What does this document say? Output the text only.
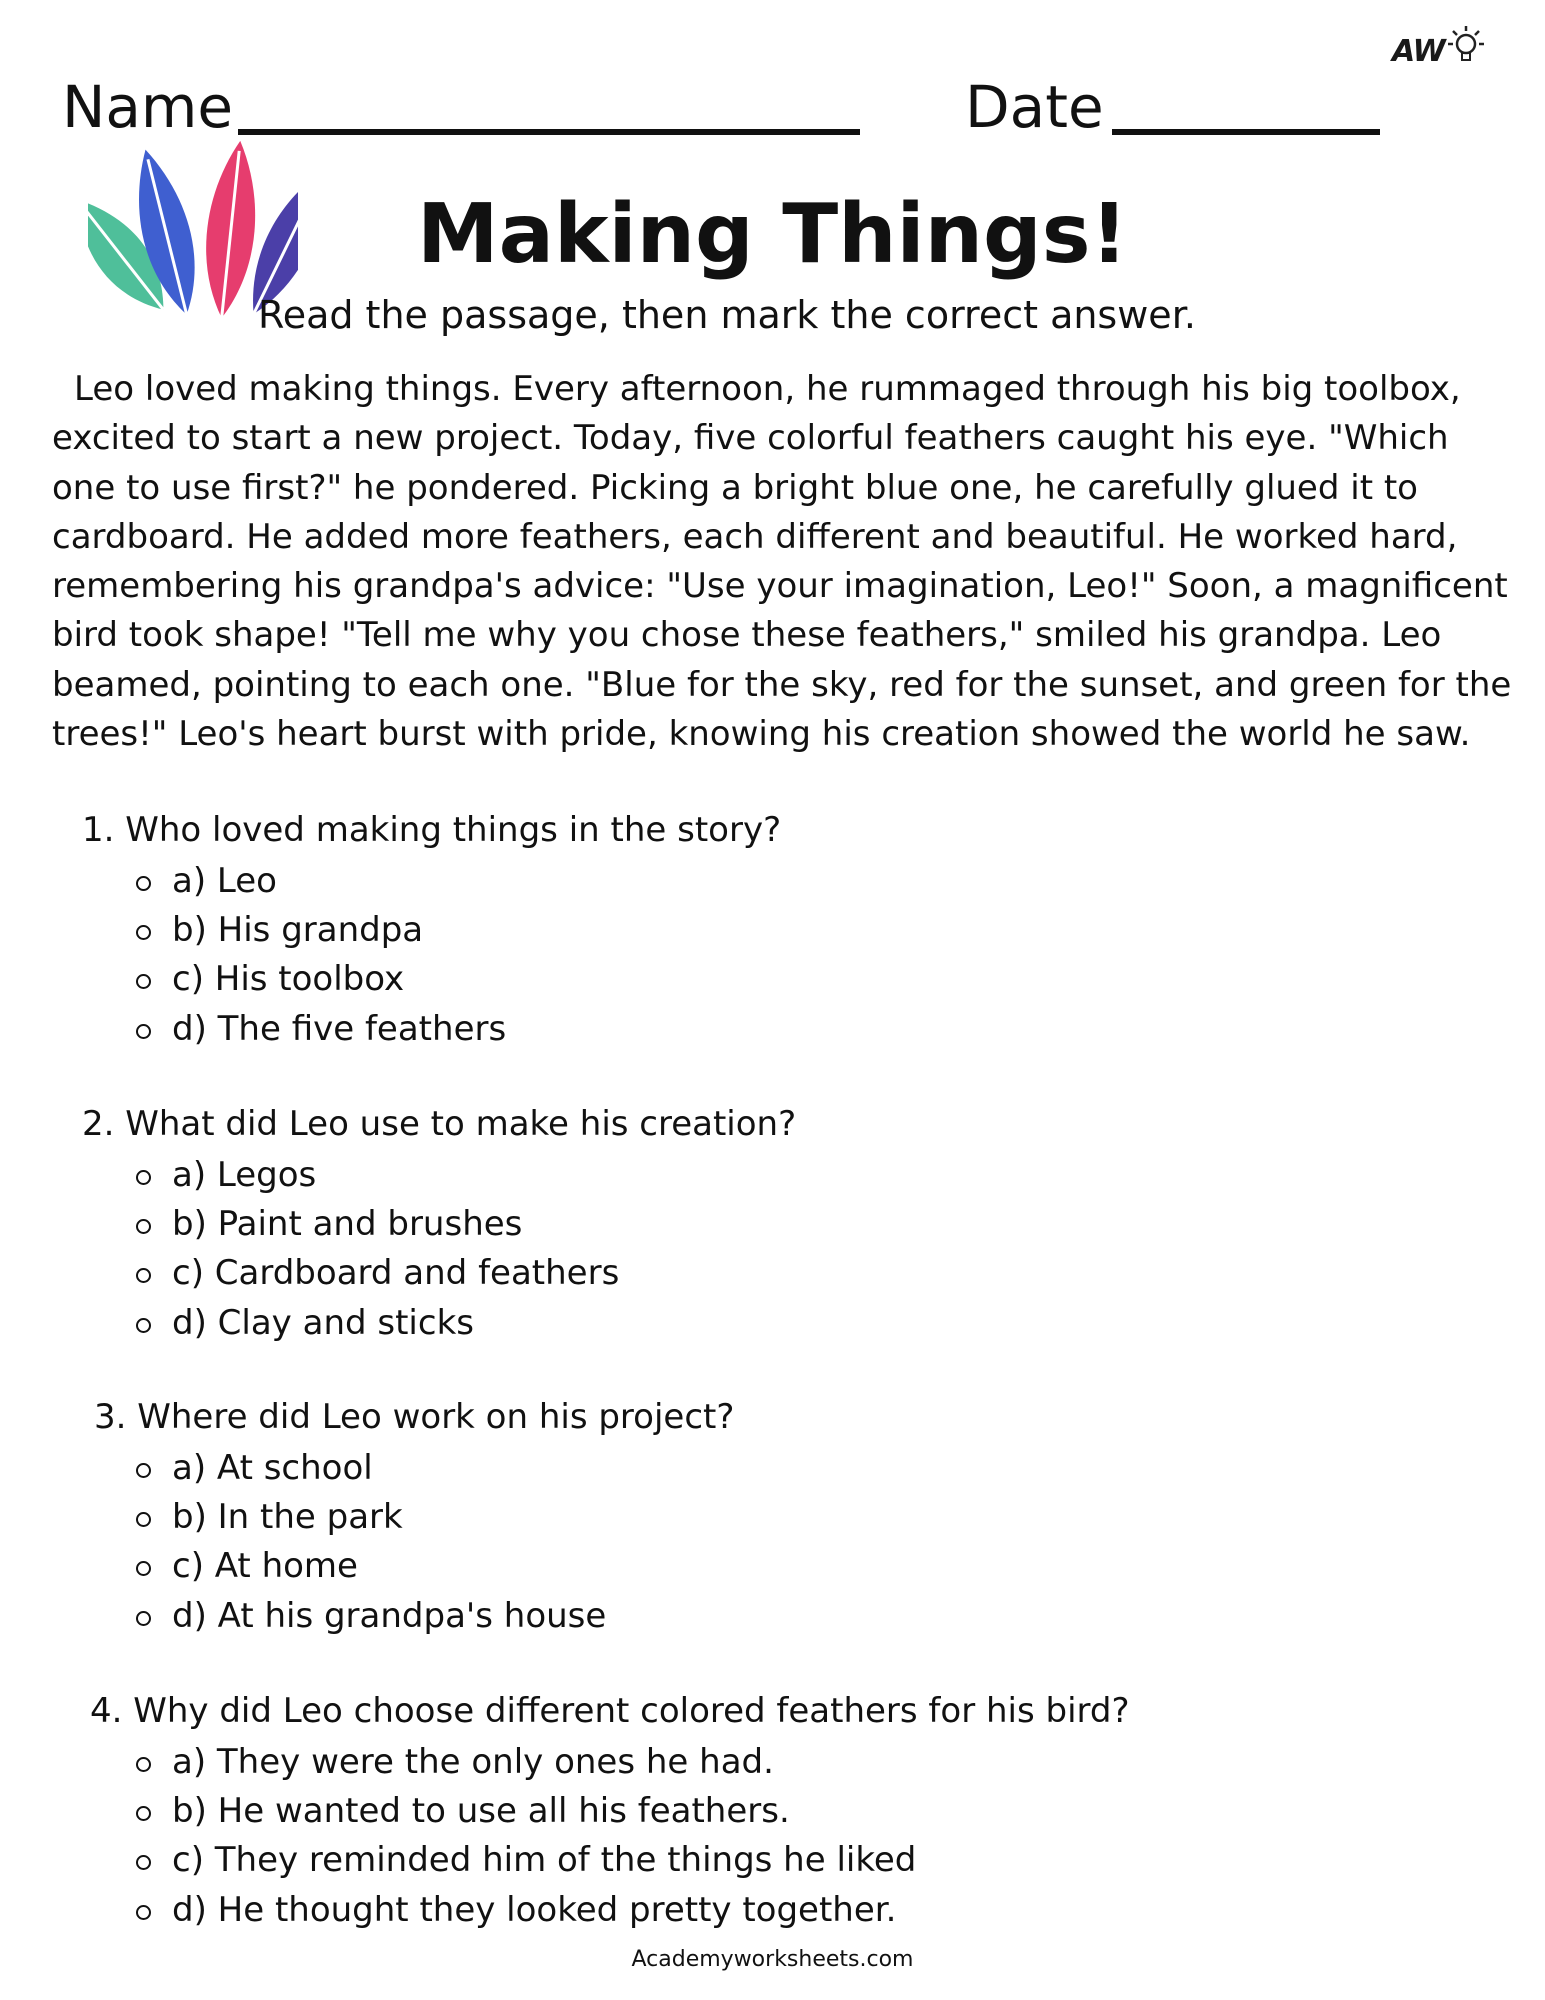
AW
Name	Date
Making Things!
Read the passage, then mark the correct answer.
Leo loved making things. Every afternoon, he rummaged through his big toolbox, excited to start a new project. Today, five colorful feathers caught his eye. "Which one to use first?" he pondered. Picking a bright blue one, he carefully glued it to cardboard. He added more feathers, each different and beautiful. He worked hard, remembering his grandpa's advice: "Use your imagination, Leo!" Soon, a magnificent bird took shape! "Tell me why you chose these feathers," smiled his grandpa. Leo beamed, pointing to each one. "Blue for the sky, red for the sunset, and green for the trees!" Leo's heart burst with pride, knowing his creation showed the world he saw.
1. Who loved making things in the story?
a) Leo
b) His grandpa
c) His toolbox
d) The five feathers
2. What did Leo use to make his creation?
a) Legos
b) Paint and brushes
c) Cardboard and feathers
d) Clay and sticks
3. Where did Leo work on his project?
a) At school
b) In the park
c) At home
d) At his grandpa's house
4. Why did Leo choose different colored feathers for his bird?
a) They were the only ones he had.
b) He wanted to use all his feathers.
c) They reminded him of the things he liked
d) He thought they looked pretty together.
Academyworksheets.com
